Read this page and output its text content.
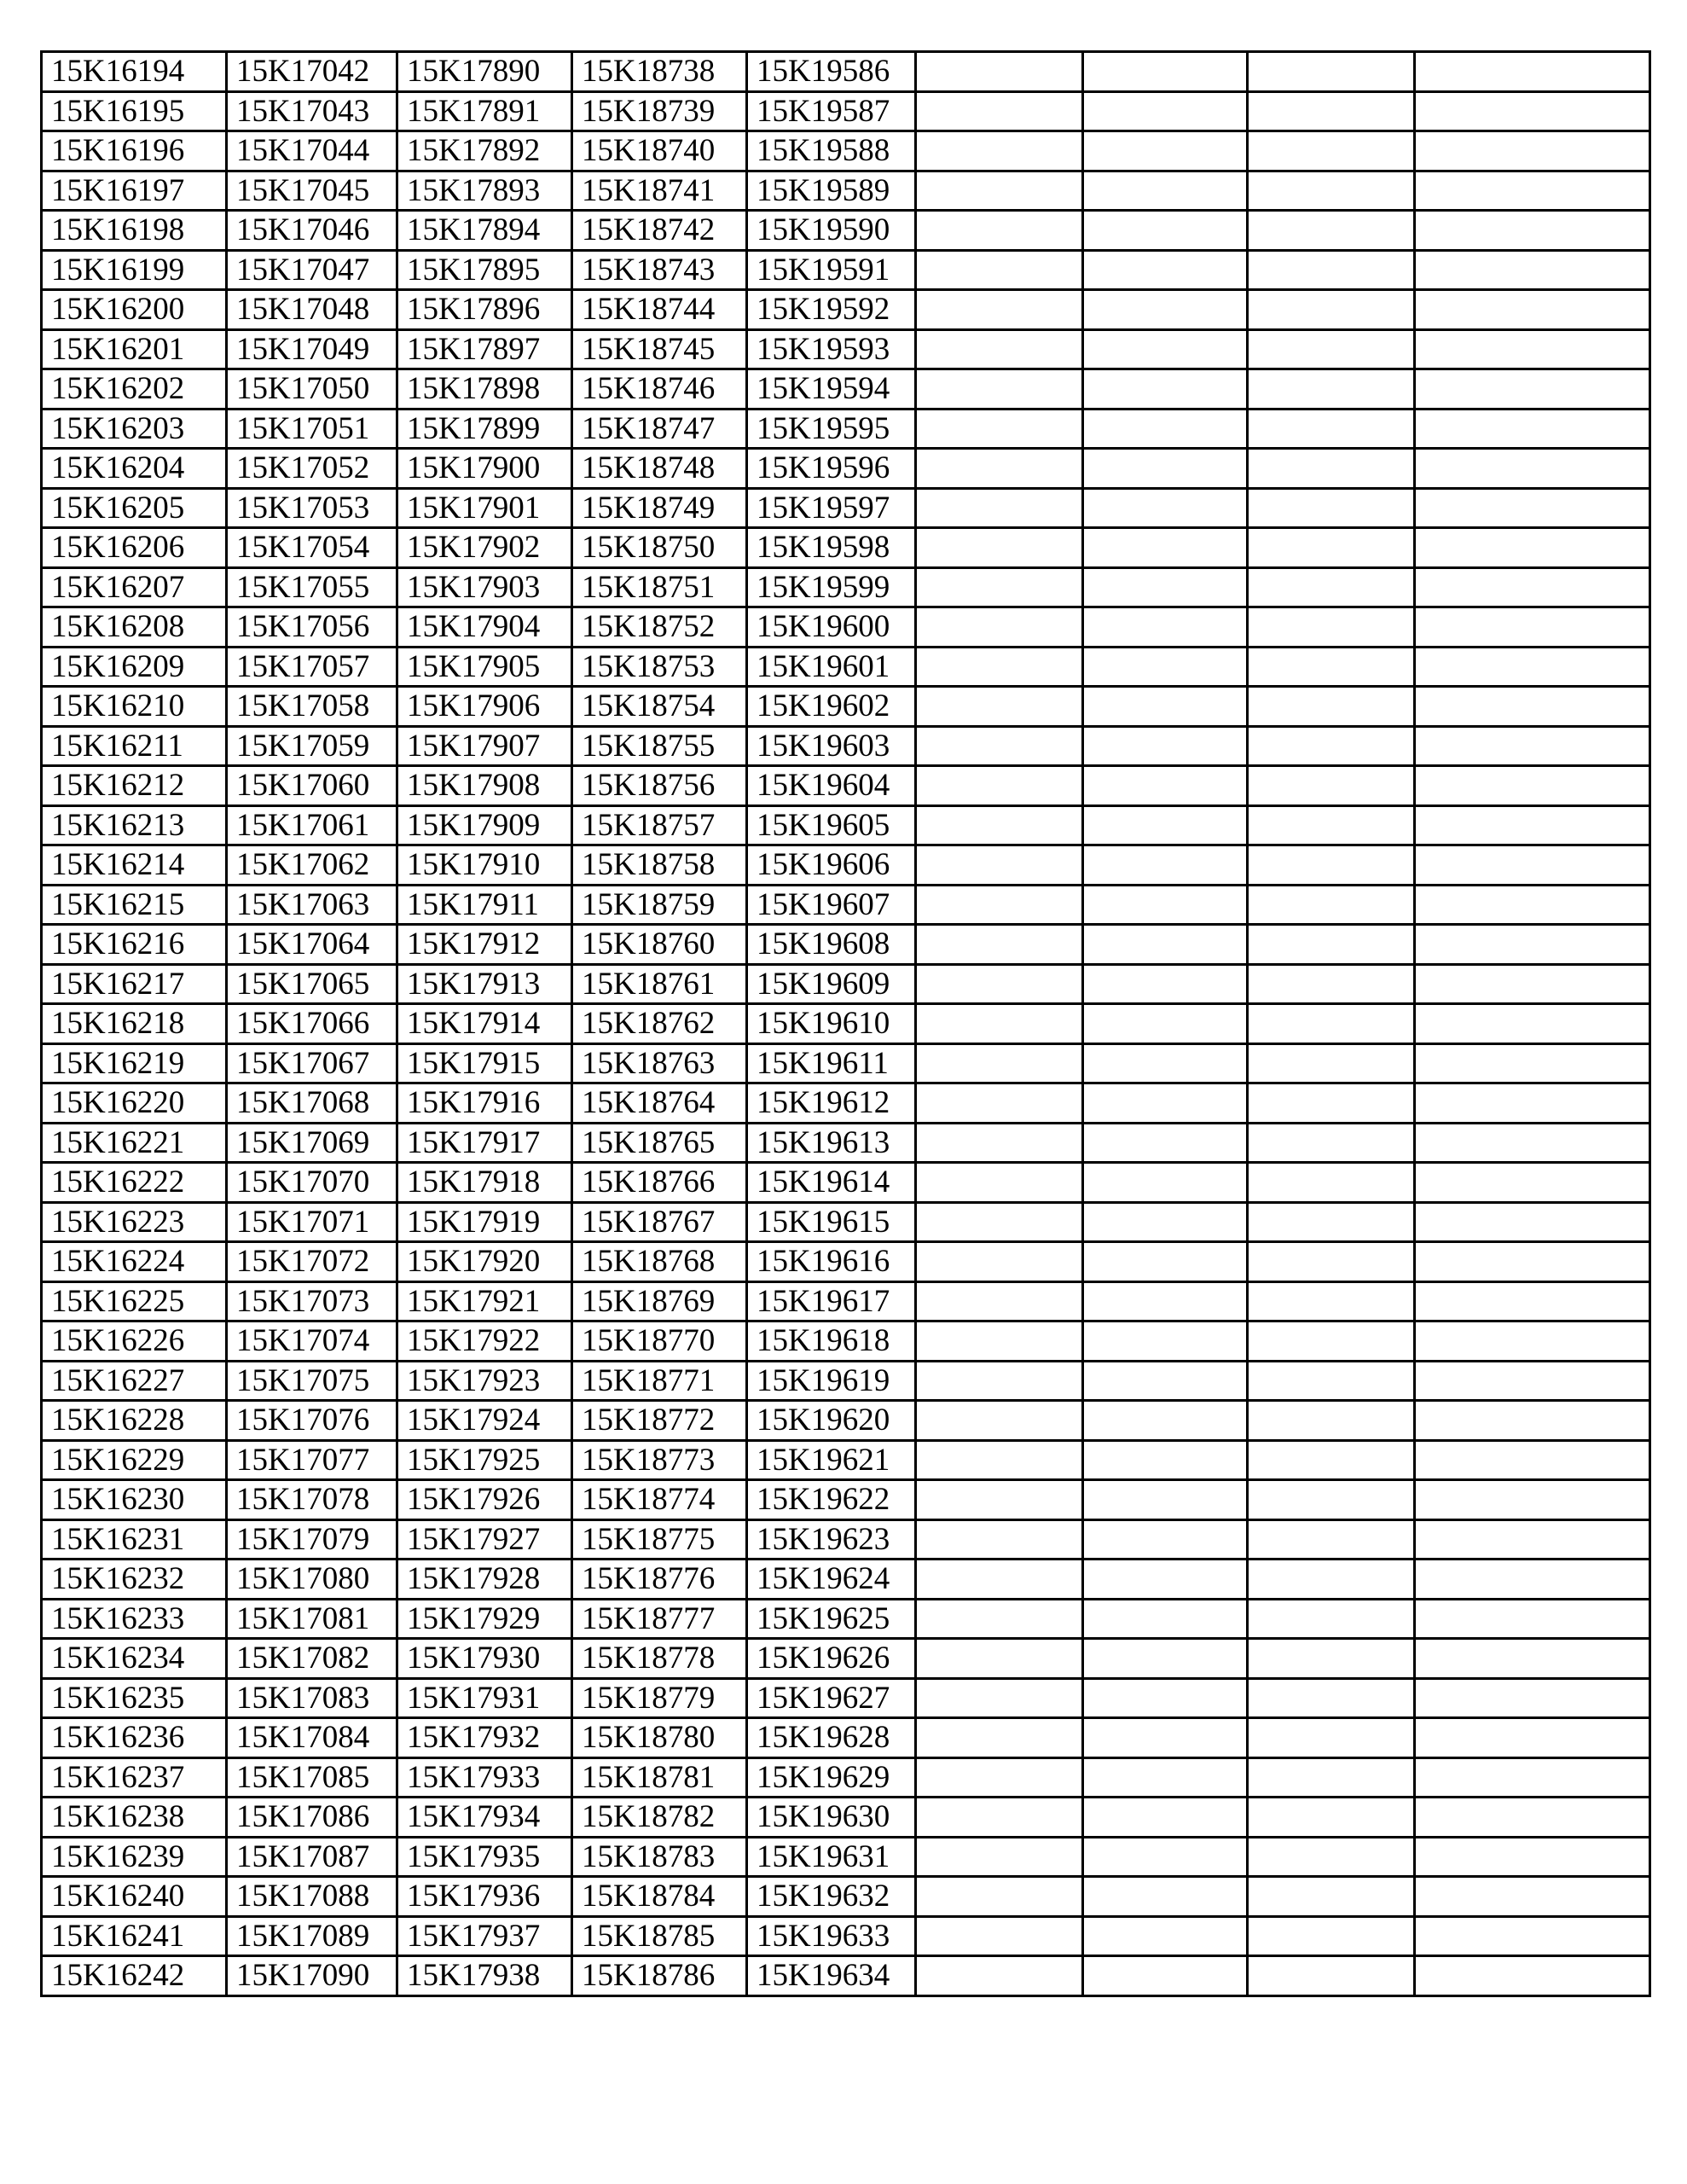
15K16194	15K17042	15K17890	15K18738	15K19586				
15K16195	15K17043	15K17891	15K18739	15K19587				
15K16196	15K17044	15K17892	15K18740	15K19588				
15K16197	15K17045	15K17893	15K18741	15K19589				
15K16198	15K17046	15K17894	15K18742	15K19590				
15K16199	15K17047	15K17895	15K18743	15K19591				
15K16200	15K17048	15K17896	15K18744	15K19592				
15K16201	15K17049	15K17897	15K18745	15K19593				
15K16202	15K17050	15K17898	15K18746	15K19594				
15K16203	15K17051	15K17899	15K18747	15K19595				
15K16204	15K17052	15K17900	15K18748	15K19596				
15K16205	15K17053	15K17901	15K18749	15K19597				
15K16206	15K17054	15K17902	15K18750	15K19598				
15K16207	15K17055	15K17903	15K18751	15K19599				
15K16208	15K17056	15K17904	15K18752	15K19600				
15K16209	15K17057	15K17905	15K18753	15K19601				
15K16210	15K17058	15K17906	15K18754	15K19602				
15K16211	15K17059	15K17907	15K18755	15K19603				
15K16212	15K17060	15K17908	15K18756	15K19604				
15K16213	15K17061	15K17909	15K18757	15K19605				
15K16214	15K17062	15K17910	15K18758	15K19606				
15K16215	15K17063	15K17911	15K18759	15K19607				
15K16216	15K17064	15K17912	15K18760	15K19608				
15K16217	15K17065	15K17913	15K18761	15K19609				
15K16218	15K17066	15K17914	15K18762	15K19610				
15K16219	15K17067	15K17915	15K18763	15K19611				
15K16220	15K17068	15K17916	15K18764	15K19612				
15K16221	15K17069	15K17917	15K18765	15K19613				
15K16222	15K17070	15K17918	15K18766	15K19614				
15K16223	15K17071	15K17919	15K18767	15K19615				
15K16224	15K17072	15K17920	15K18768	15K19616				
15K16225	15K17073	15K17921	15K18769	15K19617				
15K16226	15K17074	15K17922	15K18770	15K19618				
15K16227	15K17075	15K17923	15K18771	15K19619				
15K16228	15K17076	15K17924	15K18772	15K19620				
15K16229	15K17077	15K17925	15K18773	15K19621				
15K16230	15K17078	15K17926	15K18774	15K19622				
15K16231	15K17079	15K17927	15K18775	15K19623				
15K16232	15K17080	15K17928	15K18776	15K19624				
15K16233	15K17081	15K17929	15K18777	15K19625				
15K16234	15K17082	15K17930	15K18778	15K19626				
15K16235	15K17083	15K17931	15K18779	15K19627				
15K16236	15K17084	15K17932	15K18780	15K19628				
15K16237	15K17085	15K17933	15K18781	15K19629				
15K16238	15K17086	15K17934	15K18782	15K19630				
15K16239	15K17087	15K17935	15K18783	15K19631				
15K16240	15K17088	15K17936	15K18784	15K19632				
15K16241	15K17089	15K17937	15K18785	15K19633				
15K16242	15K17090	15K17938	15K18786	15K19634				
